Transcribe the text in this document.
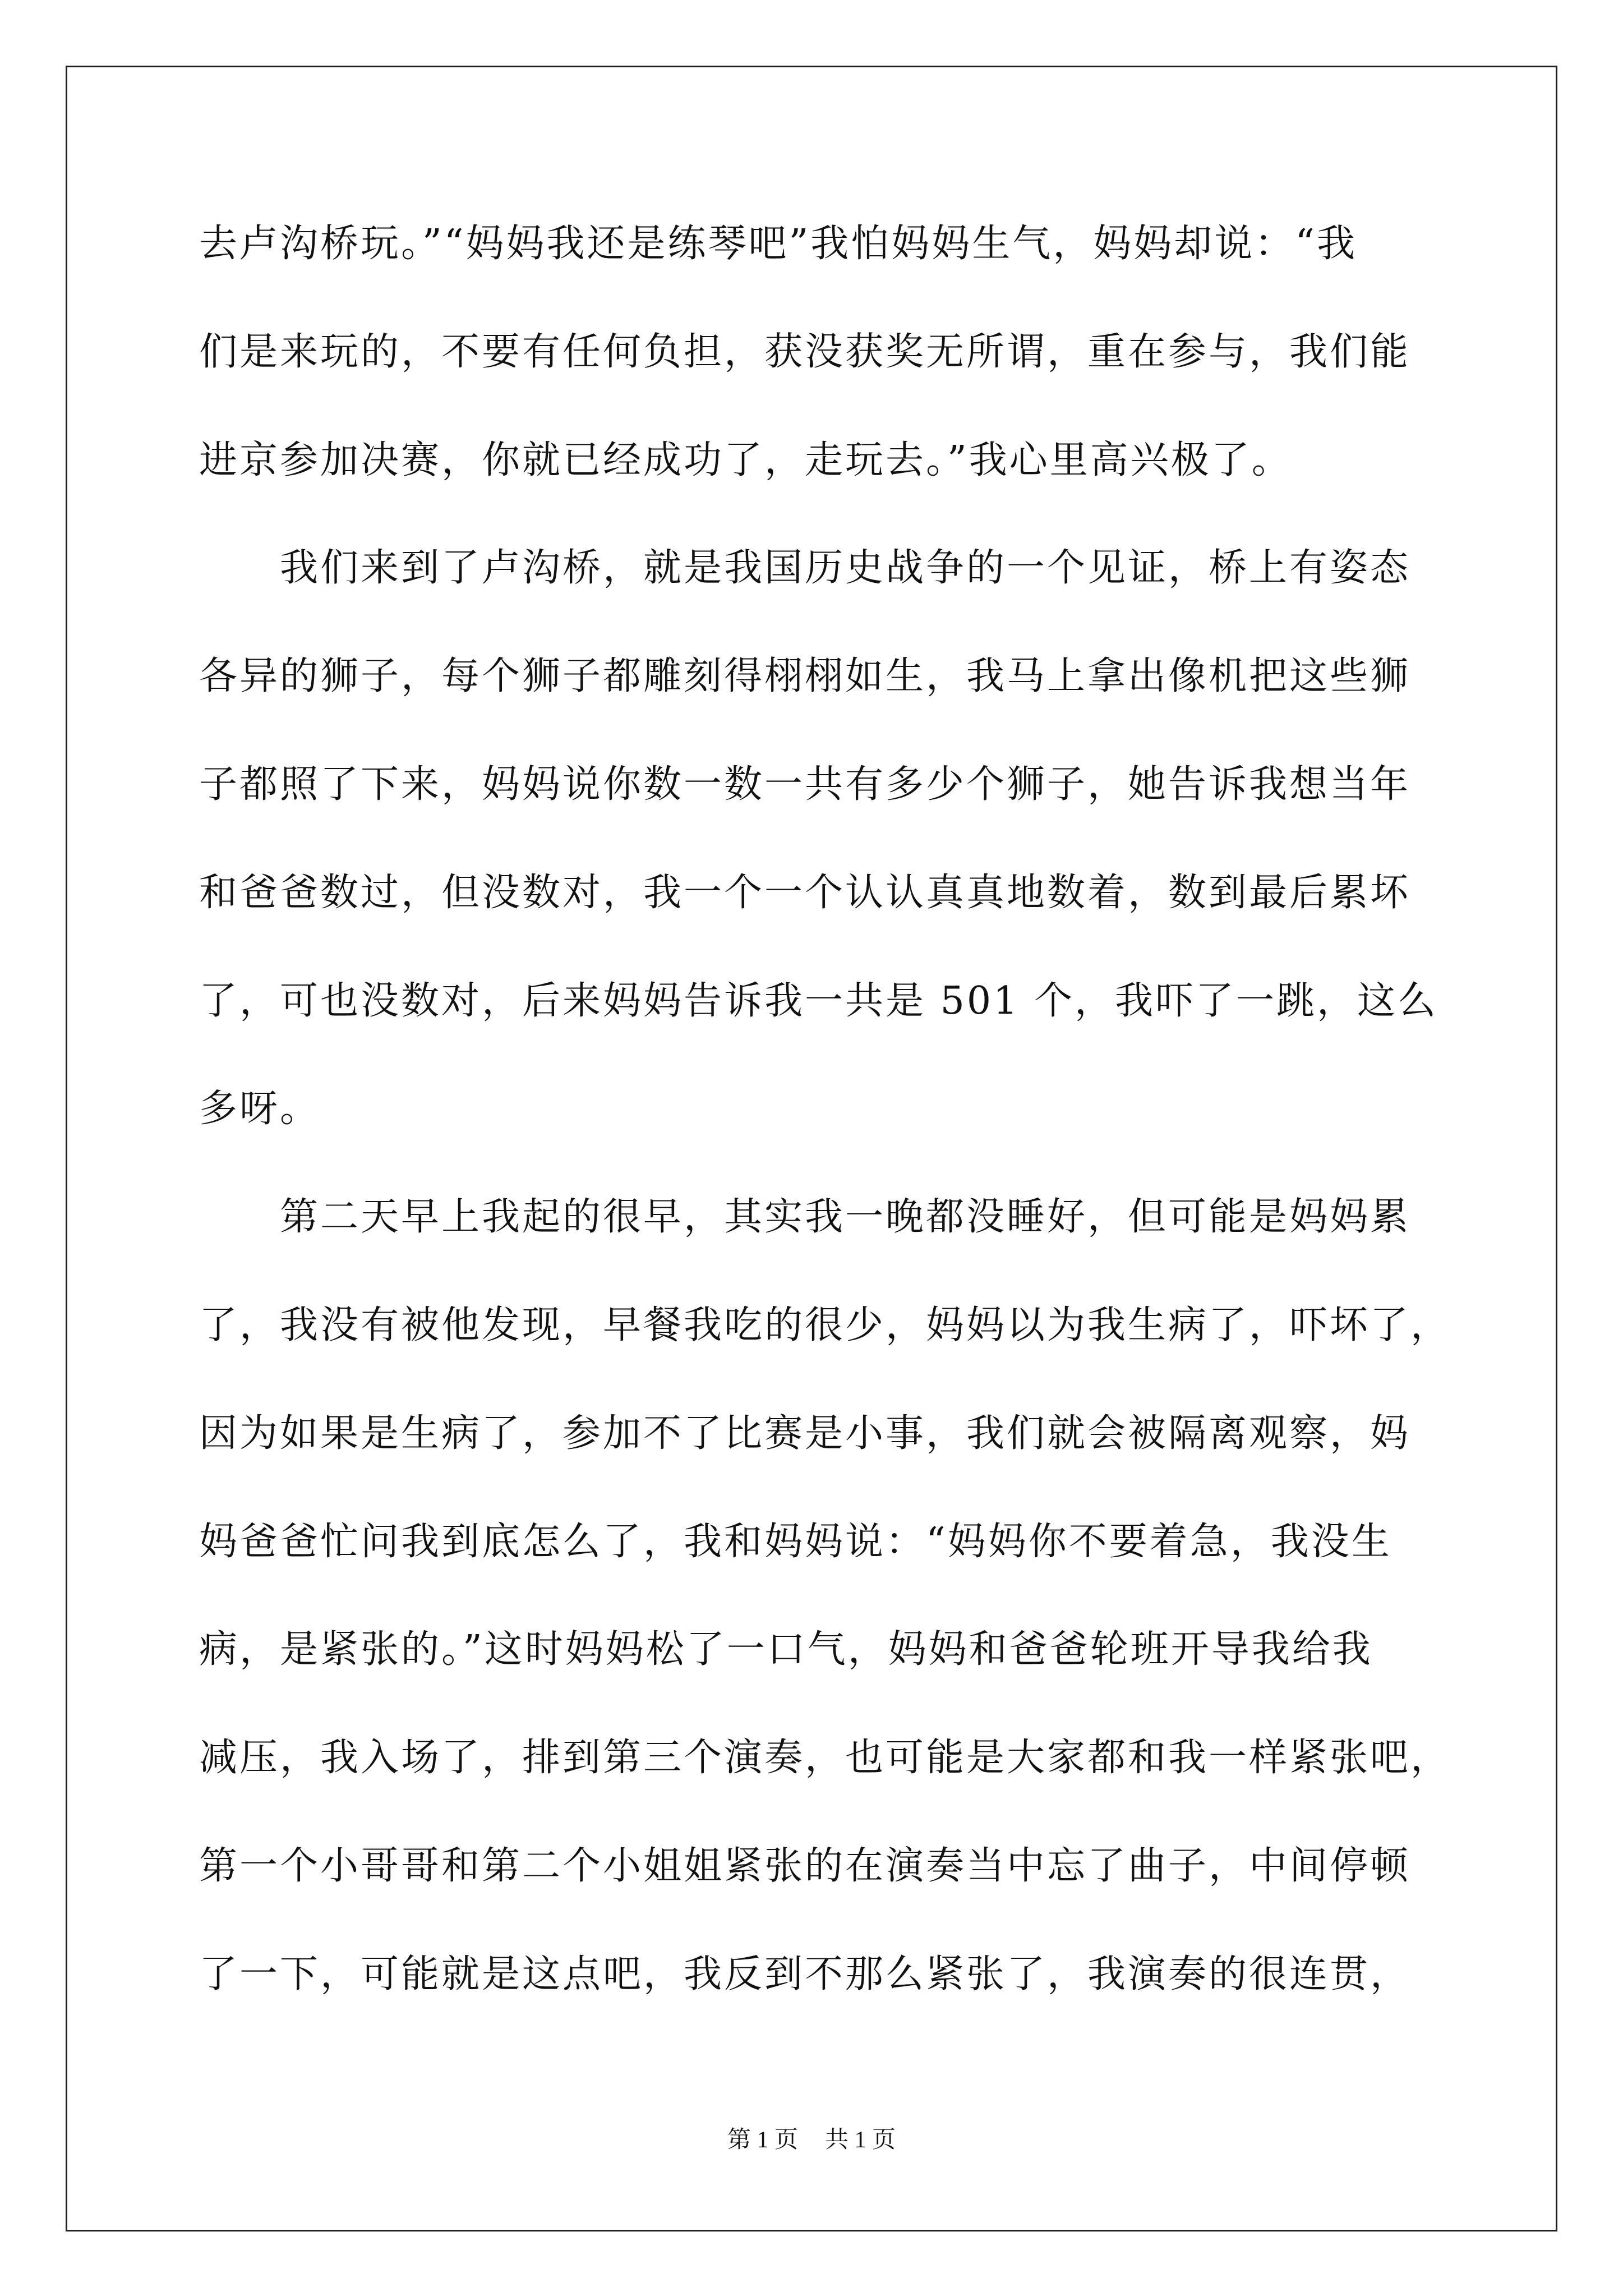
去卢沟桥玩。”“妈妈我还是练琴吧”我怕妈妈生气，妈妈却说：“我
们是来玩的，不要有任何负担，获没获奖无所谓，重在参与，我们能
进京参加决赛，你就已经成功了，走玩去。”我心里高兴极了。
　　我们来到了卢沟桥，就是我国历史战争的一个见证，桥上有姿态
各异的狮子，每个狮子都雕刻得栩栩如生，我马上拿出像机把这些狮
子都照了下来，妈妈说你数一数一共有多少个狮子，她告诉我想当年
和爸爸数过，但没数对，我一个一个认认真真地数着，数到最后累坏
了，可也没数对，后来妈妈告诉我一共是 501 个，我吓了一跳，这么
多呀。
　　第二天早上我起的很早，其实我一晚都没睡好，但可能是妈妈累
了，我没有被他发现，早餐我吃的很少，妈妈以为我生病了，吓坏了，
因为如果是生病了，参加不了比赛是小事，我们就会被隔离观察，妈
妈爸爸忙问我到底怎么了，我和妈妈说：“妈妈你不要着急，我没生
病，是紧张的。”这时妈妈松了一口气，妈妈和爸爸轮班开导我给我
减压，我入场了，排到第三个演奏，也可能是大家都和我一样紧张吧，
第一个小哥哥和第二个小姐姐紧张的在演奏当中忘了曲子，中间停顿
了一下，可能就是这点吧，我反到不那么紧张了，我演奏的很连贯，
第 1 页 共 1 页
